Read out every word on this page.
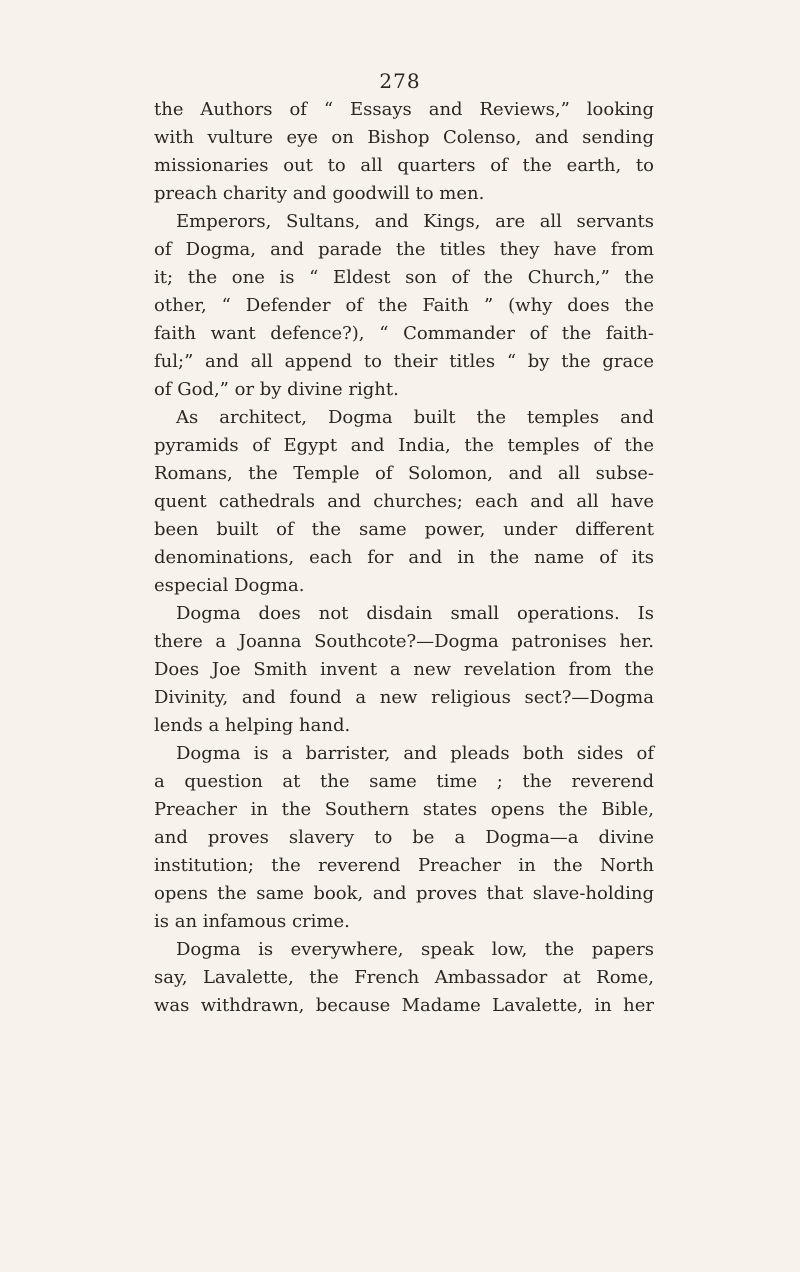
278
the Authors of “ Essays and Reviews,” looking
with vulture eye on Bishop Colenso, and sending
missionaries out to all quarters of the earth, to
preach charity and goodwill to men.
Emperors, Sultans, and Kings, are all servants
of Dogma, and parade the titles they have from
it; the one is “ Eldest son of the Church,” the
other, “ Defender of the Faith ” (why does the
faith want defence?), “ Commander of the faith-
ful;” and all append to their titles “ by the grace
of God,” or by divine right.
As architect, Dogma built the temples and
pyramids of Egypt and India, the temples of the
Romans, the Temple of Solomon, and all subse-
quent cathedrals and churches; each and all have
been built of the same power, under different
denominations, each for and in the name of its
especial Dogma.
Dogma does not disdain small operations. Is
there a Joanna Southcote?—Dogma patronises her.
Does Joe Smith invent a new revelation from the
Divinity, and found a new religious sect?—Dogma
lends a helping hand.
Dogma is a barrister, and pleads both sides of
a question at the same time ; the reverend
Preacher in the Southern states opens the Bible,
and proves slavery to be a Dogma—a divine
institution; the reverend Preacher in the North
opens the same book, and proves that slave-holding
is an infamous crime.
Dogma is everywhere, speak low, the papers
say, Lavalette, the French Ambassador at Rome,
was withdrawn, because Madame Lavalette, in her
